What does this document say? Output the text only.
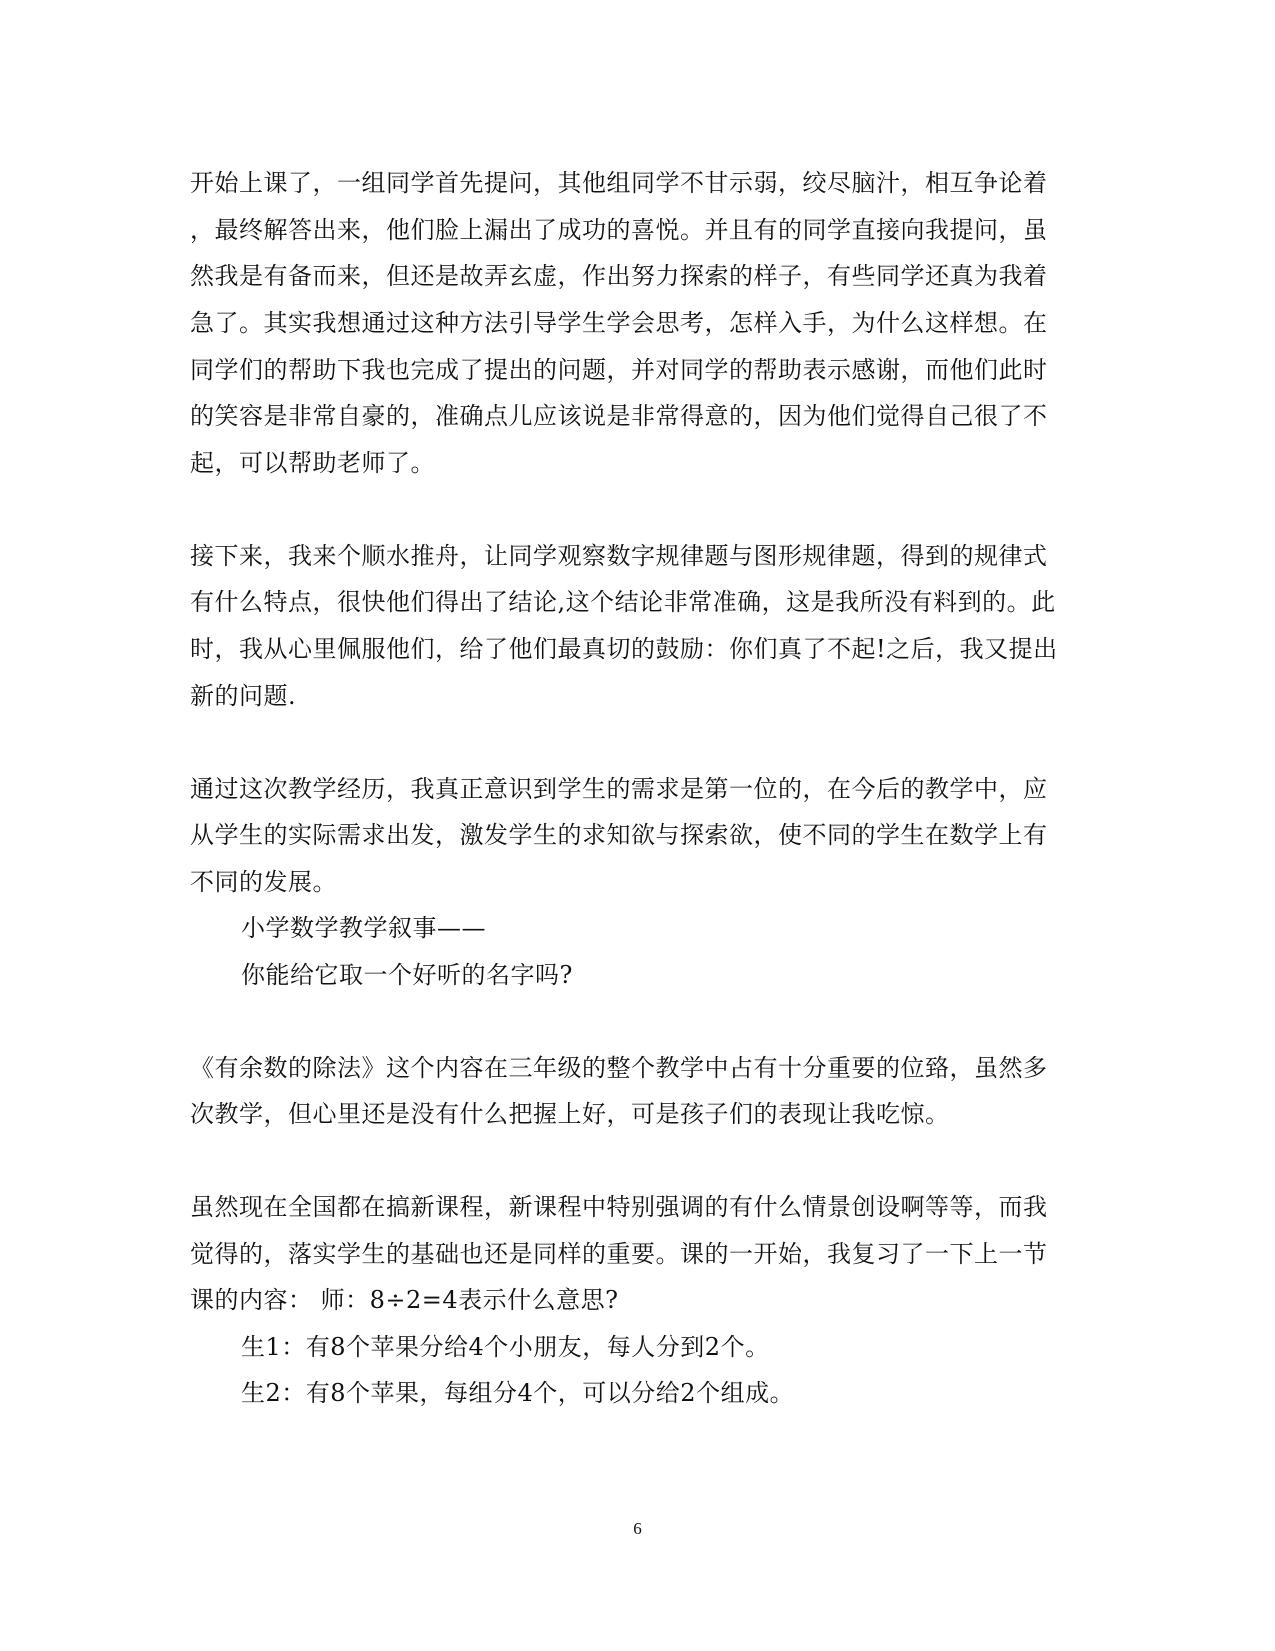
开始上课了，一组同学首先提问，其他组同学不甘示弱，绞尽脑汁，相互争论着
，最终解答出来，他们脸上漏出了成功的喜悦。并且有的同学直接向我提问，虽
然我是有备而来，但还是故弄玄虚，作出努力探索的样子，有些同学还真为我着
急了。其实我想通过这种方法引导学生学会思考，怎样入手，为什么这样想。在
同学们的帮助下我也完成了提出的问题，并对同学的帮助表示感谢，而他们此时
的笑容是非常自豪的，准确点儿应该说是非常得意的，因为他们觉得自己很了不
起，可以帮助老师了。
接下来，我来个顺水推舟，让同学观察数字规律题与图形规律题，得到的规律式
有什么特点，很快他们得出了结论,这个结论非常准确，这是我所没有料到的。此
时，我从心里佩服他们，给了他们最真切的鼓励：你们真了不起!之后，我又提出
新的问题.
通过这次教学经历，我真正意识到学生的需求是第一位的，在今后的教学中，应
从学生的实际需求出发，激发学生的求知欲与探索欲，使不同的学生在数学上有
不同的发展。
小学数学教学叙事——
你能给它取一个好听的名字吗?
《有余数的除法》这个内容在三年级的整个教学中占有十分重要的位臵，虽然多
次教学，但心里还是没有什么把握上好，可是孩子们的表现让我吃惊。
虽然现在全国都在搞新课程，新课程中特别强调的有什么情景创设啊等等，而我
觉得的，落实学生的基础也还是同样的重要。课的一开始，我复习了一下上一节
课的内容： 师：8÷2=4表示什么意思?
生1：有8个苹果分给4个小朋友，每人分到2个。
生2：有8个苹果，每组分4个，可以分给2个组成。
6
